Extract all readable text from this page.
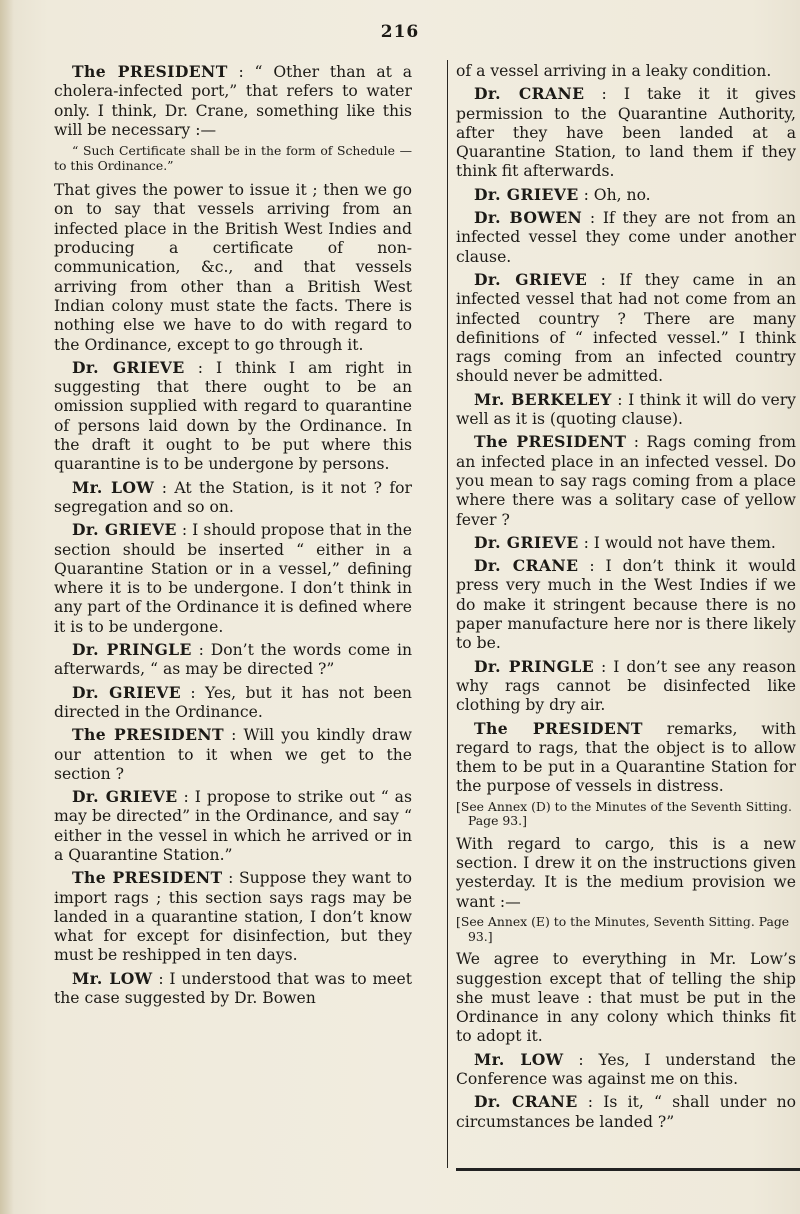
216

The PRESIDENT : “ Other than at a cholera-infected port,” that refers to water only. I think, Dr. Crane, something like this will be necessary :—

“ Such Certificate shall be in the form of Schedule — to this Ordinance.”

That gives the power to issue it ; then we go on to say that vessels arriving from an infected place in the British West Indies and producing a certificate of non-communication, &c., and that vessels arriving from other than a British West Indian colony must state the facts. There is nothing else we have to do with regard to the Ordinance, except to go through it.

Dr. GRIEVE : I think I am right in suggesting that there ought to be an omission supplied with regard to quarantine of persons laid down by the Ordinance. In the draft it ought to be put where this quarantine is to be undergone by persons.

Mr. LOW : At the Station, is it not ? for segregation and so on.

Dr. GRIEVE : I should propose that in the section should be inserted “ either in a Quarantine Station or in a vessel,” defining where it is to be undergone. I don’t think in any part of the Ordinance it is defined where it is to be undergone.

Dr. PRINGLE : Don’t the words come in afterwards, “ as may be directed ?”

Dr. GRIEVE : Yes, but it has not been directed in the Ordinance.

The PRESIDENT : Will you kindly draw our attention to it when we get to the section ?

Dr. GRIEVE : I propose to strike out “ as may be directed” in the Ordinance, and say “ either in the vessel in which he arrived or in a Quarantine Station.”

The PRESIDENT : Suppose they want to import rags ; this section says rags may be landed in a quarantine station, I don’t know what for except for disinfection, but they must be reshipped in ten days.

Mr. LOW : I understood that was to meet the case suggested by Dr. Bowen

of a vessel arriving in a leaky condition.

Dr. CRANE : I take it it gives permission to the Quarantine Authority, after they have been landed at a Quarantine Station, to land them if they think fit afterwards.

Dr. GRIEVE : Oh, no.

Dr. BOWEN : If they are not from an infected vessel they come under another clause.

Dr. GRIEVE : If they came in an infected vessel that had not come from an infected country ? There are many definitions of “ infected vessel.” I think rags coming from an infected country should never be admitted.

Mr. BERKELEY : I think it will do very well as it is (quoting clause).

The PRESIDENT : Rags coming from an infected place in an infected vessel. Do you mean to say rags coming from a place where there was a solitary case of yellow fever ?

Dr. GRIEVE : I would not have them.

Dr. CRANE : I don’t think it would press very much in the West Indies if we do make it stringent because there is no paper manufacture here nor is there likely to be.

Dr. PRINGLE : I don’t see any reason why rags cannot be disinfected like clothing by dry air.

The PRESIDENT remarks, with regard to rags, that the object is to allow them to be put in a Quarantine Station for the purpose of vessels in distress.

[See Annex (D) to the Minutes of the Seventh Sitting. Page 93.]

With regard to cargo, this is a new section. I drew it on the instructions given yesterday. It is the medium provision we want :—

[See Annex (E) to the Minutes, Seventh Sitting. Page 93.]

We agree to everything in Mr. Low’s suggestion except that of telling the ship she must leave : that must be put in the Ordinance in any colony which thinks fit to adopt it.

Mr. LOW : Yes, I understand the Conference was against me on this.

Dr. CRANE : Is it, “ shall under no circumstances be landed ?”
